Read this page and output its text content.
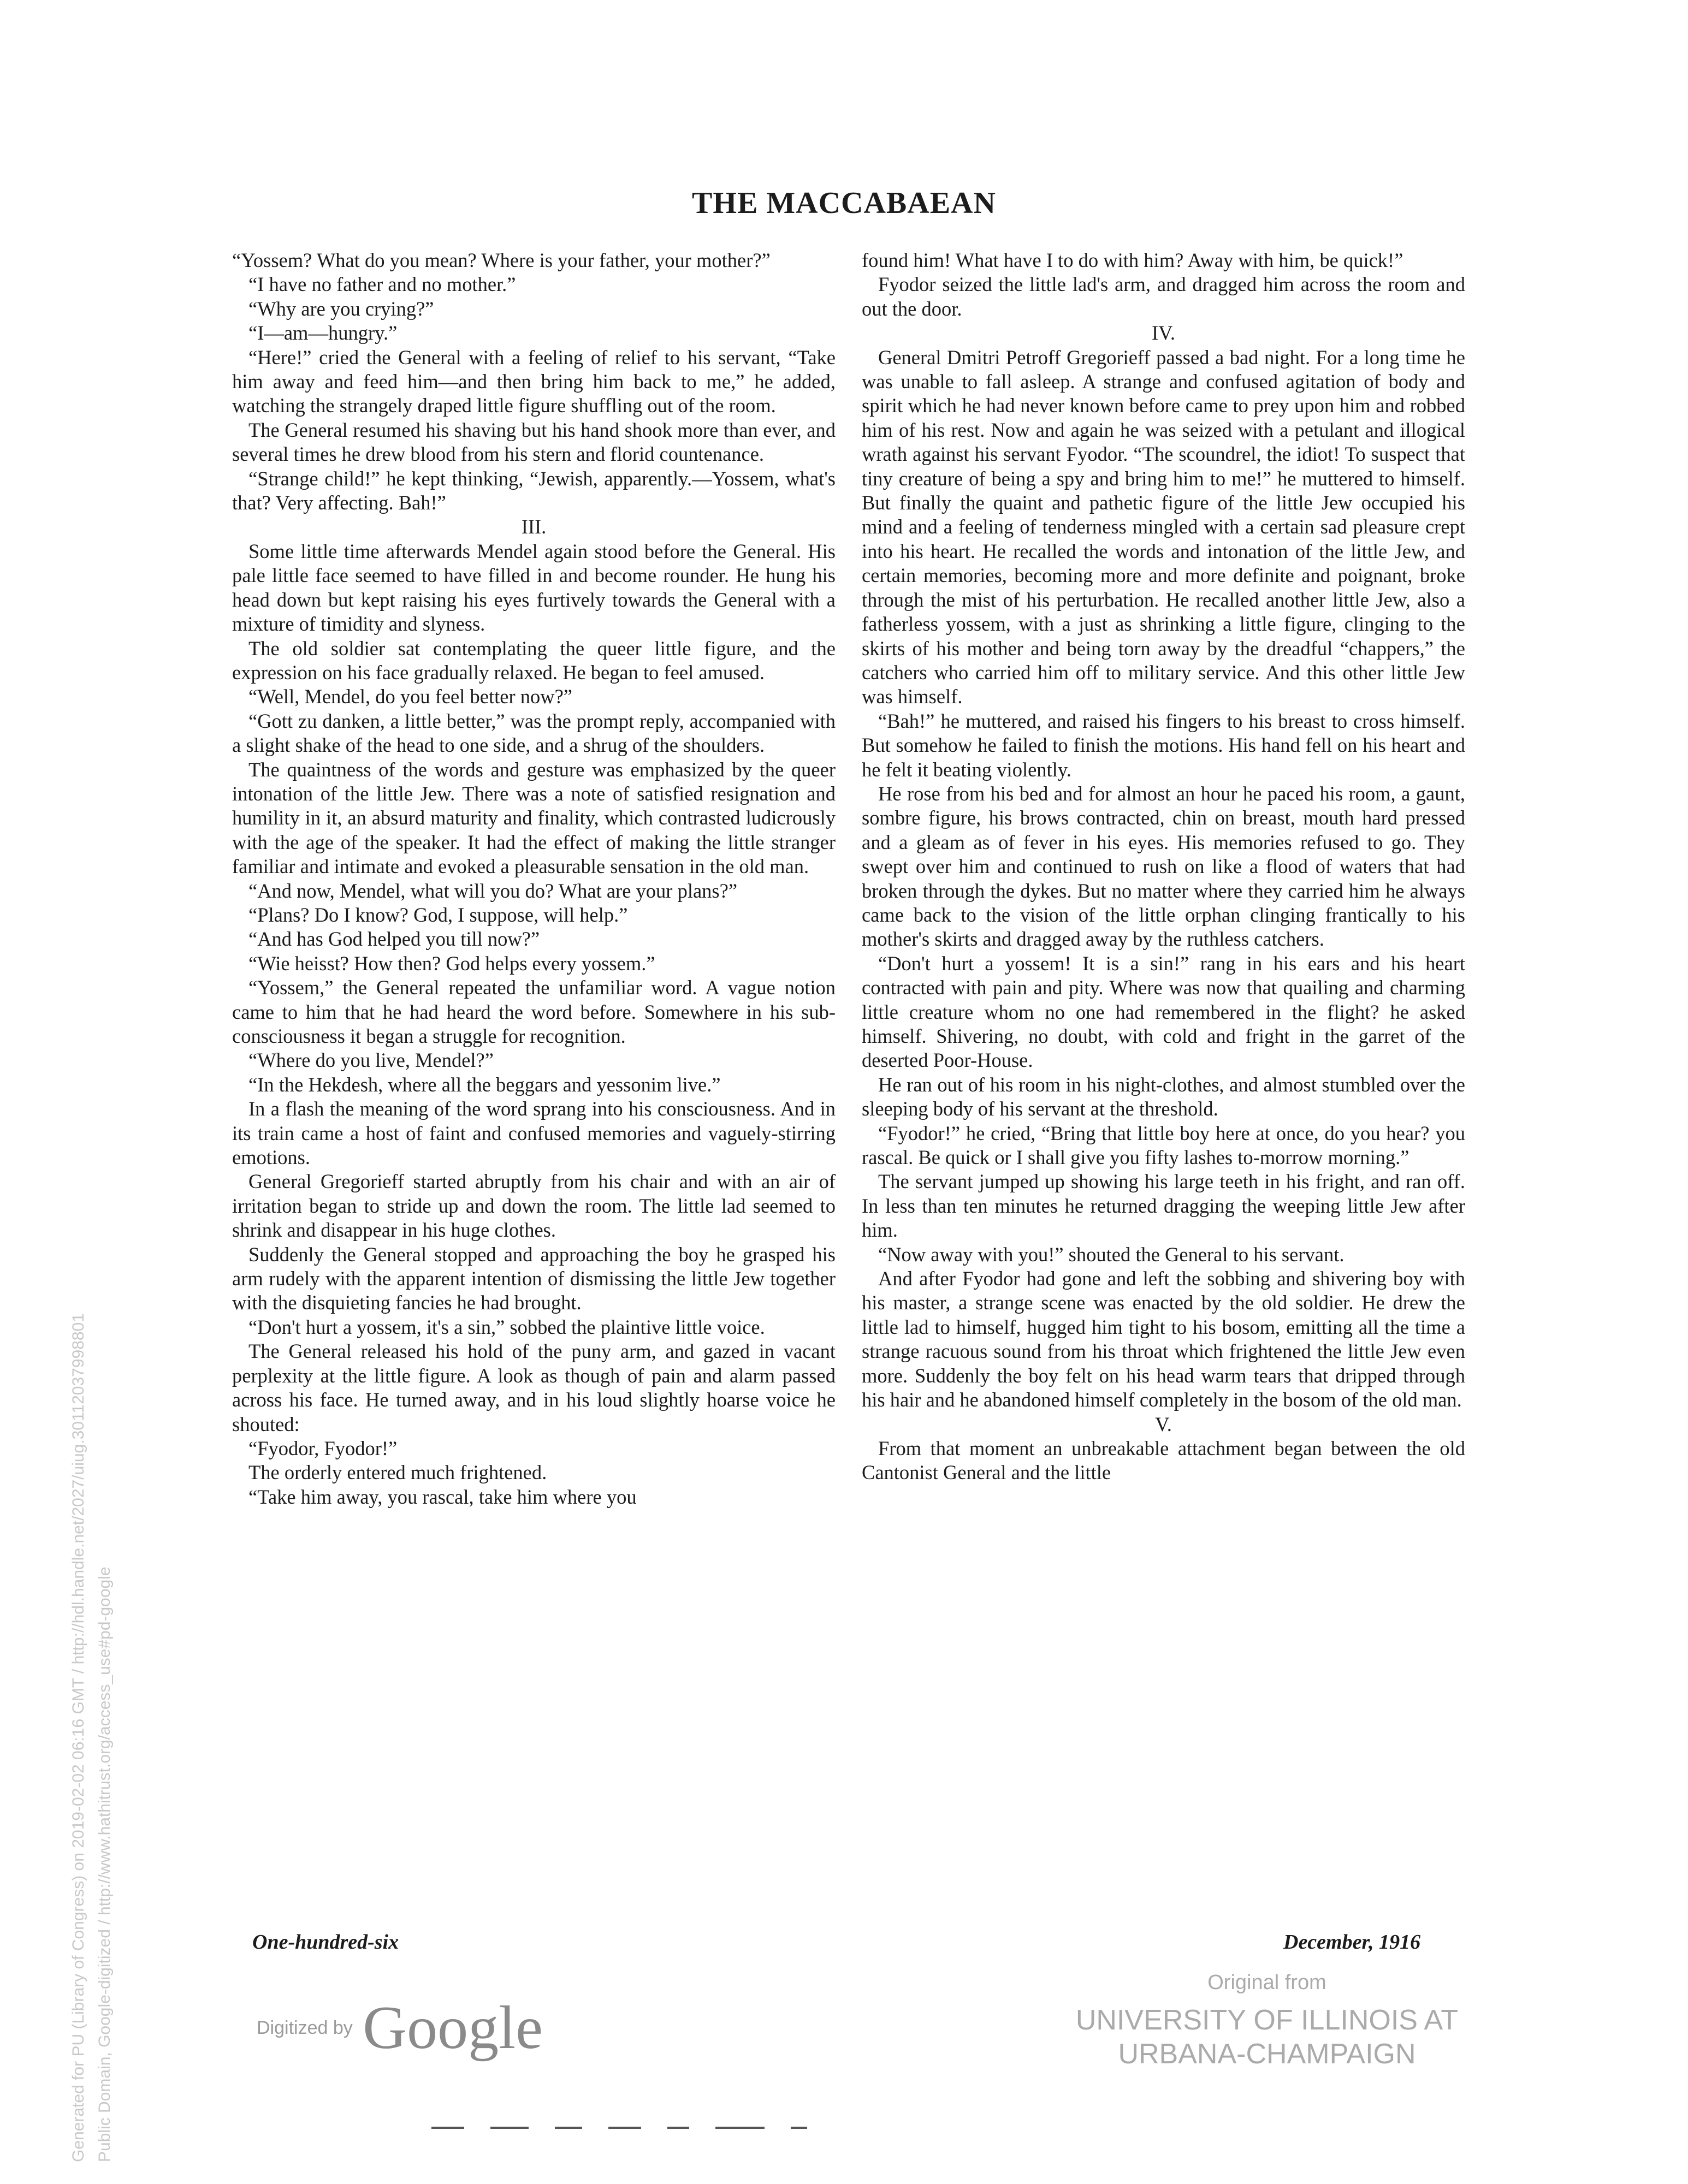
THE MACCABAEAN

“Yossem? What do you mean? Where is your father, your mother?”

“I have no father and no mother.”

“Why are you crying?”

“I—am—hungry.”

“Here!” cried the General with a feeling of relief to his servant, “Take him away and feed him—and then bring him back to me,” he added, watching the strangely draped little figure shuffling out of the room.

The General resumed his shaving but his hand shook more than ever, and several times he drew blood from his stern and florid countenance.

“Strange child!” he kept thinking, “Jewish, apparently.—Yossem, what's that? Very affecting. Bah!”

III.

Some little time afterwards Mendel again stood before the General. His pale little face seemed to have filled in and become rounder. He hung his head down but kept raising his eyes furtively towards the General with a mixture of timidity and slyness.

The old soldier sat contemplating the queer little figure, and the expression on his face gradually relaxed. He began to feel amused.

“Well, Mendel, do you feel better now?”

“Gott zu danken, a little better,” was the prompt reply, accompanied with a slight shake of the head to one side, and a shrug of the shoulders.

The quaintness of the words and gesture was emphasized by the queer intonation of the little Jew. There was a note of satisfied resignation and humility in it, an absurd maturity and finality, which contrasted ludicrously with the age of the speaker. It had the effect of making the little stranger familiar and intimate and evoked a pleasurable sensation in the old man.

“And now, Mendel, what will you do? What are your plans?”

“Plans? Do I know? God, I suppose, will help.”

“And has God helped you till now?”

“Wie heisst? How then? God helps every yossem.”

“Yossem,” the General repeated the unfamiliar word. A vague notion came to him that he had heard the word before. Somewhere in his sub-consciousness it began a struggle for recognition.

“Where do you live, Mendel?”

“In the Hekdesh, where all the beggars and yessonim live.”

In a flash the meaning of the word sprang into his consciousness. And in its train came a host of faint and confused memories and vaguely-stirring emotions.

General Gregorieff started abruptly from his chair and with an air of irritation began to stride up and down the room. The little lad seemed to shrink and disappear in his huge clothes.

Suddenly the General stopped and approaching the boy he grasped his arm rudely with the apparent intention of dismissing the little Jew together with the disquieting fancies he had brought.

“Don't hurt a yossem, it's a sin,” sobbed the plaintive little voice.

The General released his hold of the puny arm, and gazed in vacant perplexity at the little figure. A look as though of pain and alarm passed across his face. He turned away, and in his loud slightly hoarse voice he shouted:

“Fyodor, Fyodor!”

The orderly entered much frightened.

“Take him away, you rascal, take him where you

found him! What have I to do with him? Away with him, be quick!”

Fyodor seized the little lad's arm, and dragged him across the room and out the door.

IV.

General Dmitri Petroff Gregorieff passed a bad night. For a long time he was unable to fall asleep. A strange and confused agitation of body and spirit which he had never known before came to prey upon him and robbed him of his rest. Now and again he was seized with a petulant and illogical wrath against his servant Fyodor. “The scoundrel, the idiot! To suspect that tiny creature of being a spy and bring him to me!” he muttered to himself. But finally the quaint and pathetic figure of the little Jew occupied his mind and a feeling of tenderness mingled with a certain sad pleasure crept into his heart. He recalled the words and intonation of the little Jew, and certain memories, becoming more and more definite and poignant, broke through the mist of his perturbation. He recalled another little Jew, also a fatherless yossem, with a just as shrinking a little figure, clinging to the skirts of his mother and being torn away by the dreadful “chappers,” the catchers who carried him off to military service. And this other little Jew was himself.

“Bah!” he muttered, and raised his fingers to his breast to cross himself. But somehow he failed to finish the motions. His hand fell on his heart and he felt it beating violently.

He rose from his bed and for almost an hour he paced his room, a gaunt, sombre figure, his brows contracted, chin on breast, mouth hard pressed and a gleam as of fever in his eyes. His memories refused to go. They swept over him and continued to rush on like a flood of waters that had broken through the dykes. But no matter where they carried him he always came back to the vision of the little orphan clinging frantically to his mother's skirts and dragged away by the ruthless catchers.

“Don't hurt a yossem! It is a sin!” rang in his ears and his heart contracted with pain and pity. Where was now that quailing and charming little creature whom no one had remembered in the flight? he asked himself. Shivering, no doubt, with cold and fright in the garret of the deserted Poor-House.

He ran out of his room in his night-clothes, and almost stumbled over the sleeping body of his servant at the threshold.

“Fyodor!” he cried, “Bring that little boy here at once, do you hear? you rascal. Be quick or I shall give you fifty lashes to-morrow morning.”

The servant jumped up showing his large teeth in his fright, and ran off. In less than ten minutes he returned dragging the weeping little Jew after him.

“Now away with you!” shouted the General to his servant.

And after Fyodor had gone and left the sobbing and shivering boy with his master, a strange scene was enacted by the old soldier. He drew the little lad to himself, hugged him tight to his bosom, emitting all the time a strange racuous sound from his throat which frightened the little Jew even more. Suddenly the boy felt on his head warm tears that dripped through his hair and he abandoned himself completely in the bosom of the old man.

V.

From that moment an unbreakable attachment began between the old Cantonist General and the little

One-hundred-six	December, 1916
Digitized by Google
Original from
UNIVERSITY OF ILLINOIS AT
URBANA-CHAMPAIGN
Generated for PU (Library of Congress) on 2019-02-02 06:16 GMT / http://hdl.handle.net/2027/uiug.30112037998801 Public Domain, Google-digitized / http://www.hathitrust.org/access_use#pd-google
